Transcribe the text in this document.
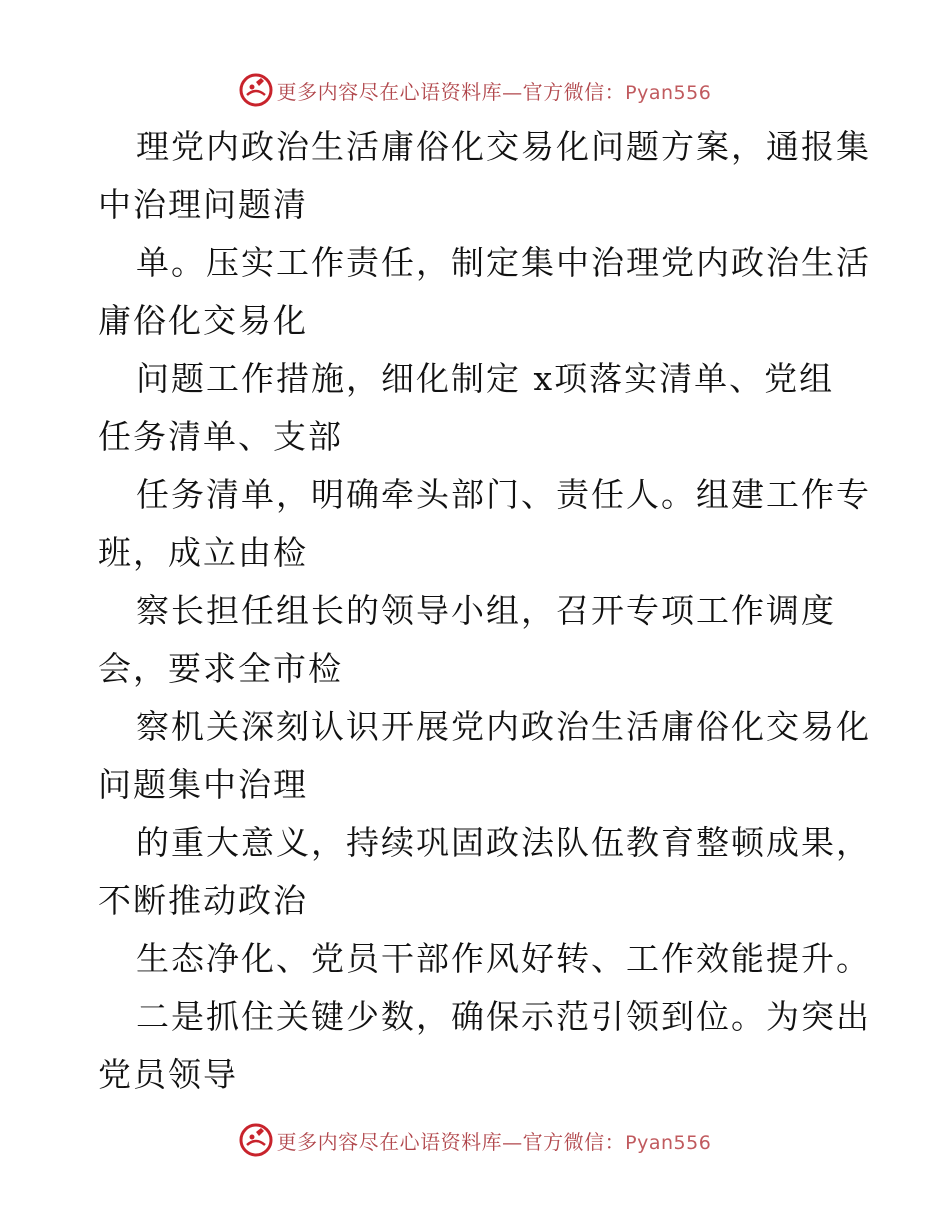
更多内容尽在心语资料库—官方微信：Pyan556
理党内政治生活庸俗化交易化问题方案，通报集
中治理问题清
单。压实工作责任，制定集中治理党内政治生活
庸俗化交易化
问题工作措施，细化制定 x项落实清单、党组
任务清单、支部
任务清单，明确牵头部门、责任人。组建工作专
班，成立由检
察长担任组长的领导小组，召开专项工作调度
会，要求全市检
察机关深刻认识开展党内政治生活庸俗化交易化
问题集中治理
的重大意义，持续巩固政法队伍教育整顿成果，
不断推动政治
生态净化、党员干部作风好转、工作效能提升。
二是抓住关键少数，确保示范引领到位。为突出
党员领导
更多内容尽在心语资料库—官方微信：Pyan556
